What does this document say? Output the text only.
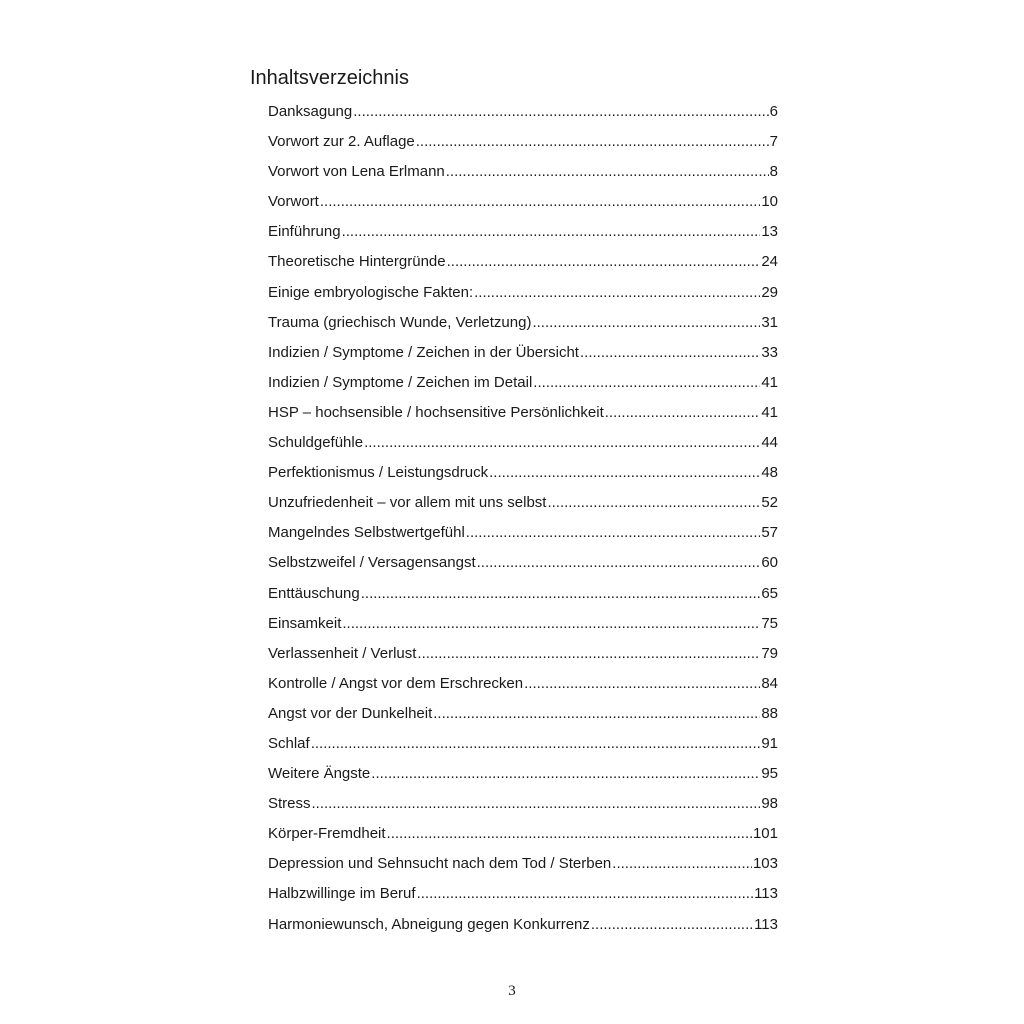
Inhaltsverzeichnis
Danksagung .....	6
Vorwort zur 2. Auflage .....	7
Vorwort von Lena Erlmann .....	8
Vorwort .....	10
Einführung .....	13
Theoretische Hintergründe .....	24
Einige embryologische Fakten: .....	29
Trauma (griechisch Wunde, Verletzung) .....	31
Indizien / Symptome / Zeichen in der Übersicht .....	33
Indizien / Symptome / Zeichen im Detail .....	41
HSP – hochsensible / hochsensitive Persönlichkeit .....	41
Schuldgefühle .....	44
Perfektionismus / Leistungsdruck .....	48
Unzufriedenheit – vor allem mit uns selbst .....	52
Mangelndes Selbstwertgefühl .....	57
Selbstzweifel / Versagensangst .....	60
Enttäuschung .....	65
Einsamkeit .....	75
Verlassenheit / Verlust .....	79
Kontrolle / Angst vor dem Erschrecken .....	84
Angst vor der Dunkelheit .....	88
Schlaf .....	91
Weitere Ängste .....	95
Stress .....	98
Körper-Fremdheit .....	101
Depression und Sehnsucht nach dem Tod / Sterben .....	103
Halbzwillinge im Beruf .....	113
Harmoniewunsch, Abneigung gegen Konkurrenz .....	113
3
